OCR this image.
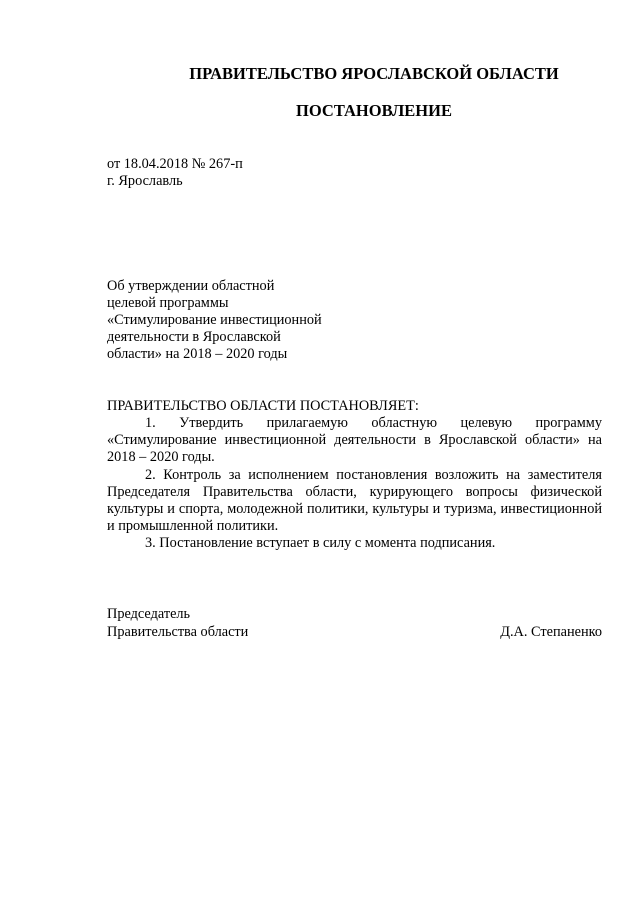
ПРАВИТЕЛЬСТВО ЯРОСЛАВСКОЙ ОБЛАСТИ
ПОСТАНОВЛЕНИЕ
от 18.04.2018 № 267-п
г. Ярославль
Об утверждении областной
целевой программы
«Стимулирование инвестиционной
деятельности в Ярославской
области» на 2018 – 2020 годы
ПРАВИТЕЛЬСТВО ОБЛАСТИ ПОСТАНОВЛЯЕТ:
1. Утвердить прилагаемую областную целевую программу «Стимулирование инвестиционной деятельности в Ярославской области» на 2018 – 2020 годы.
2. Контроль за исполнением постановления возложить на заместителя Председателя Правительства области, курирующего вопросы физической культуры и спорта, молодежной политики, культуры и туризма, инвестиционной и промышленной политики.
3. Постановление вступает в силу с момента подписания.
Председатель
Правительства области	Д.А. Степаненко
